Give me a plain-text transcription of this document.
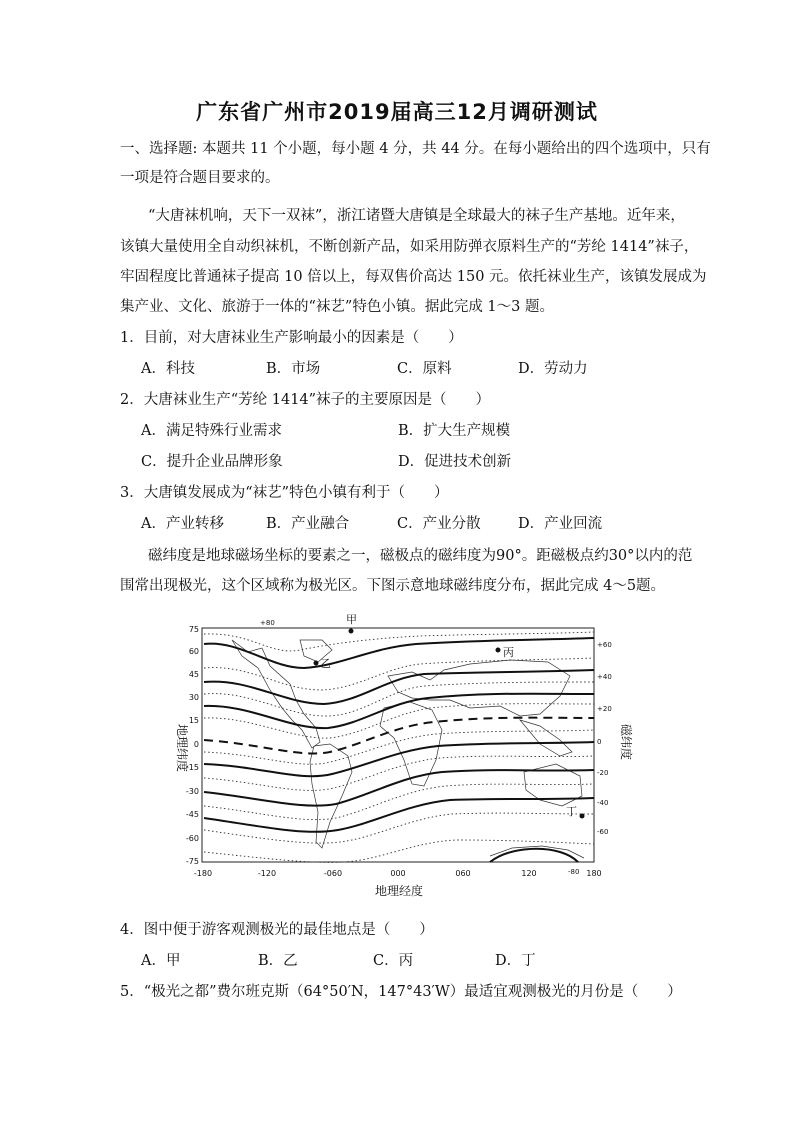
广东省广州市2019届高三12月调研测试
一、选择题: 本题共 11 个小题，每小题 4 分，共 44 分。在每小题给出的四个选项中，只有
一项是符合题目要求的。
“大唐袜机响，天下一双袜”，浙江诸暨大唐镇是全球最大的袜子生产基地。近年来，
该镇大量使用全自动织袜机，不断创新产品，如采用防弹衣原料生产的“芳纶 1414”袜子，
牢固程度比普通袜子提高 10 倍以上，每双售价高达 150 元。依托袜业生产，该镇发展成为
集产业、文化、旅游于一体的“袜艺”特色小镇。据此完成 1～3 题。
1．目前，对大唐袜业生产影响最小的因素是（　　）
A．科技	B．市场	C．原料	D．劳动力
2．大唐袜业生产“芳纶 1414”袜子的主要原因是（　　）
A．满足特殊行业需求	B．扩大生产规模
C．提升企业品牌形象	D．促进技术创新
3．大唐镇发展成为“袜艺”特色小镇有利于（　　）
A．产业转移	B．产业融合	C．产业分散	D．产业回流
磁纬度是地球磁场坐标的要素之一，磁极点的磁纬度为90°。距磁极点约30°以内的范
围常出现极光，这个区域称为极光区。下图示意地球磁纬度分布，据此完成 4～5题。
75
60
45
30
15
0
-15
-30
-45
-60
-75
+60
+40
+20
0
-20
-40
-60
+80
-80
-180	-120	-060	000	060	120	180
地理经度
地理纬度	磁纬度
甲
乙
丙
丁
4．图中便于游客观测极光的最佳地点是（　　）
A．甲	B．乙	C．丙	D．丁
5．“极光之都”费尔班克斯（64°50′N，147°43′W）最适宜观测极光的月份是（　　）
